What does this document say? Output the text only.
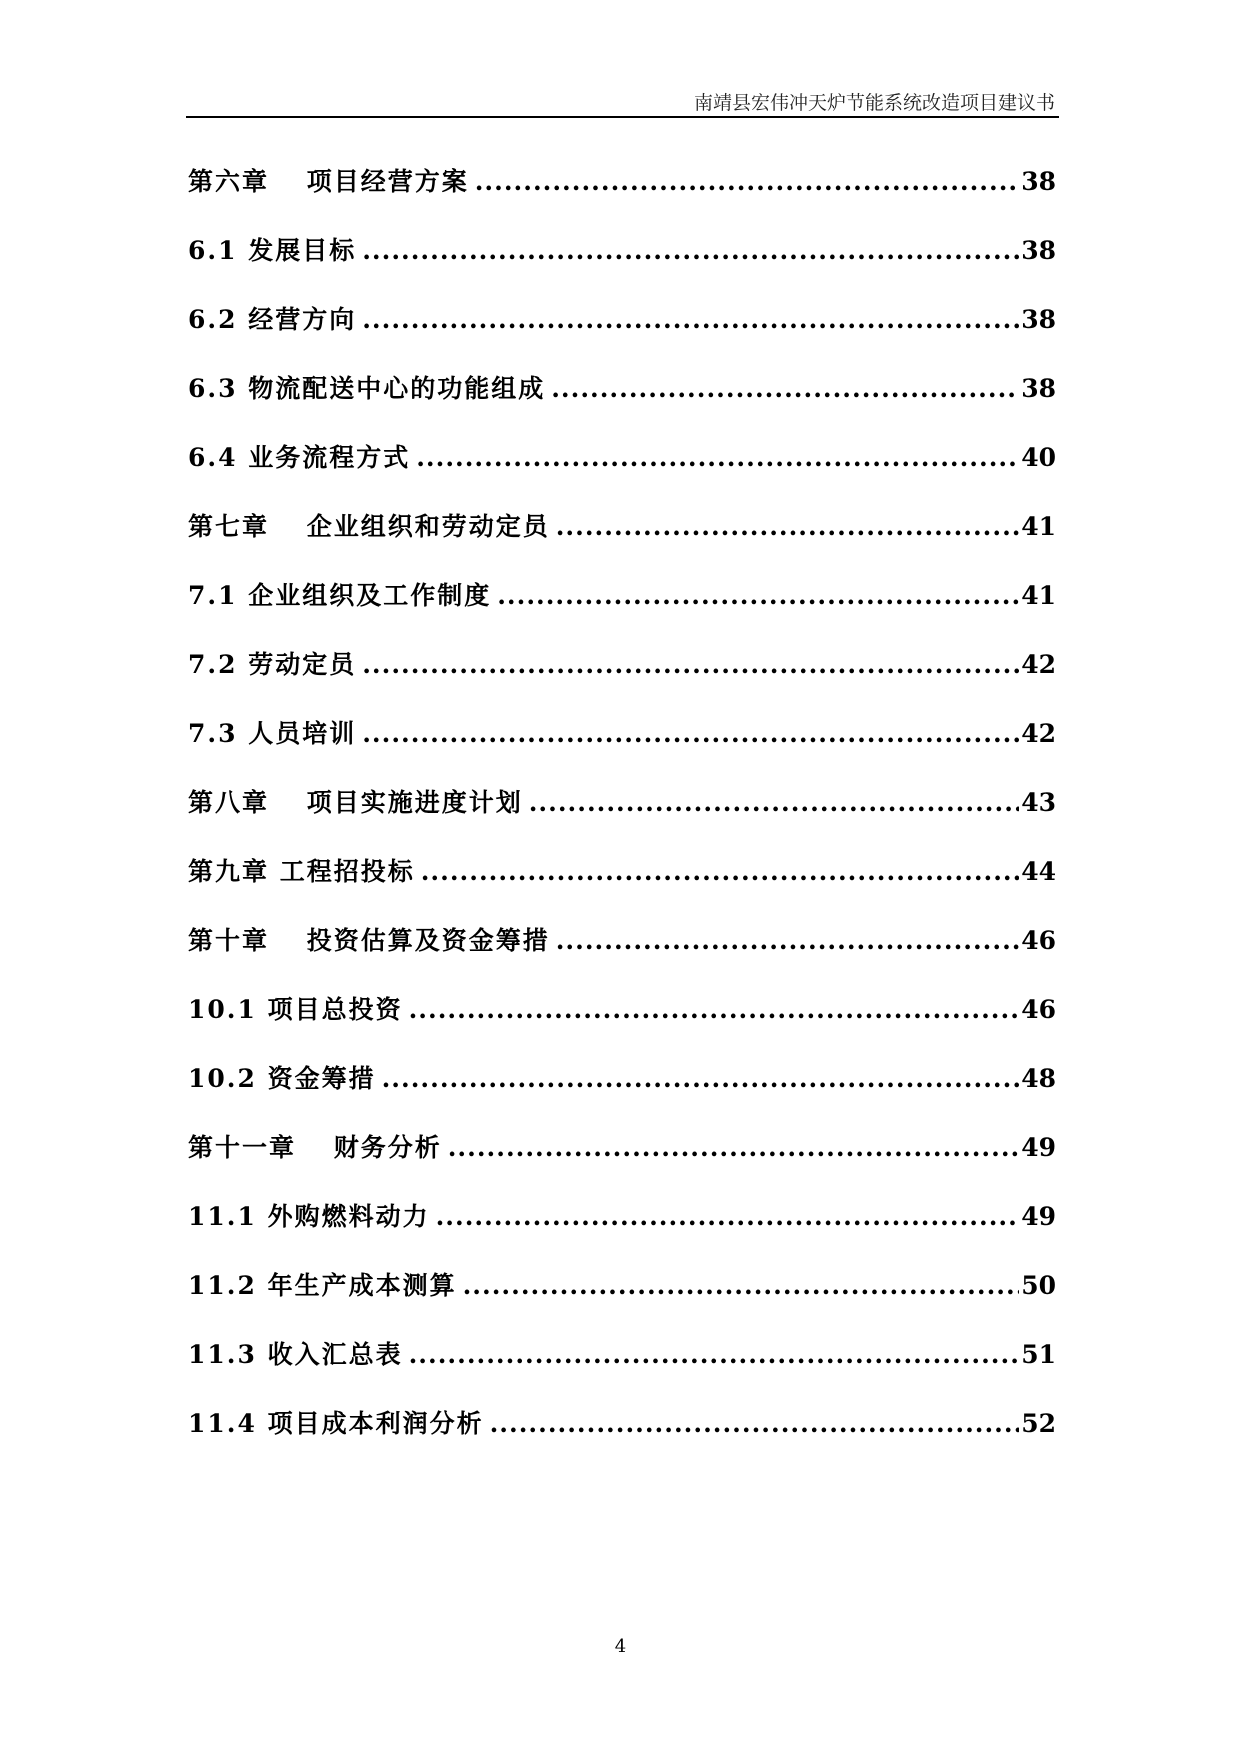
南靖县宏伟冲天炉节能系统改造项目建议书
第六章　 项目经营方案 .....	38
6.1 发展目标 .....	38
6.2 经营方向 .....	38
6.3 物流配送中心的功能组成 .....	38
6.4 业务流程方式 .....	40
第七章　 企业组织和劳动定员 .....	41
7.1 企业组织及工作制度 .....	41
7.2 劳动定员 .....	42
7.3 人员培训 .....	42
第八章　 项目实施进度计划 .....	43
第九章 工程招投标 .....	44
第十章　 投资估算及资金筹措 .....	46
10.1 项目总投资 .....	46
10.2 资金筹措 .....	48
第十一章　 财务分析 .....	49
11.1 外购燃料动力 .....	49
11.2 年生产成本测算 .....	50
11.3 收入汇总表 .....	51
11.4 项目成本利润分析 .....	52
4
